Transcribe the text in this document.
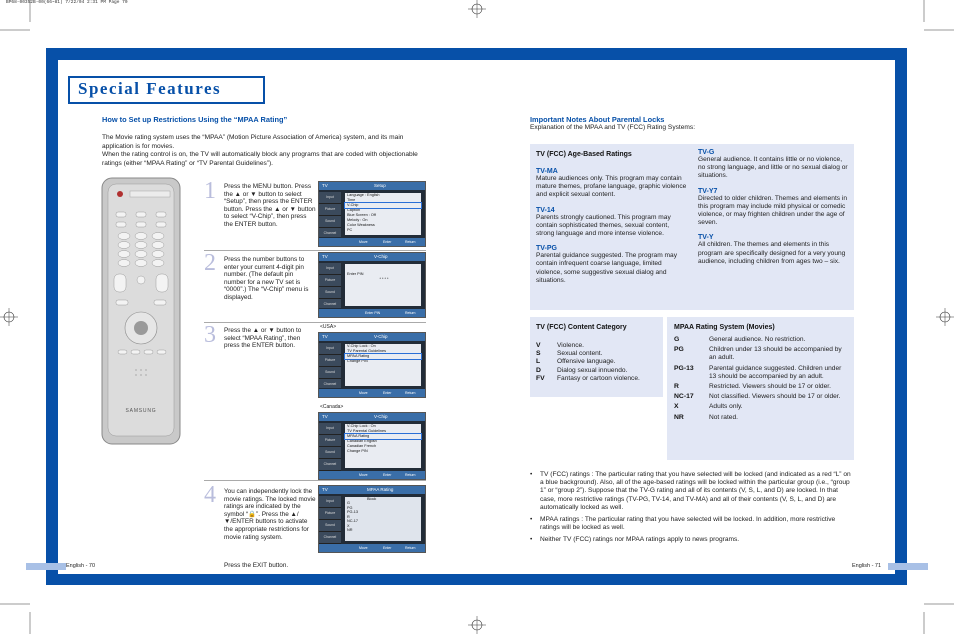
BP68-00352B-00(66~81) 7/22/04 2:31 PM Page 70
Special Features
How to Set up Restrictions Using the “MPAA Rating”
The Movie rating system uses the “MPAA” (Motion Picture Association of America) system, and its main application is for movies.
When the rating control is on, the TV will automatically block any programs that are coded with objectionable ratings (either “MPAA Rating” or “TV Parental Guidelines”).
SAMSUNG
1 Press the MENU button. Press the ▲ or ▼ button to select “Setup”, then press the ENTER button. Press the ▲ or ▼ button to select “V-Chip”, then press the ENTER button.
2 Press the number buttons to enter your current 4-digit pin number. (The default pin number for a new TV set is “0000”.) The “V-Chip” menu is displayed.
3 Press the ▲ or ▼ button to select “MPAA Rating”, then press the ENTER button.
4 You can independently lock the movie ratings. The locked movie ratings are indicated by the symbol “🔒”. Press the ▲/▼/ENTER buttons to activate the appropriate restrictions for movie rating system.
Press the EXIT button.
TV	Setup
Input
Picture
Sound
Channel
Language : English
Time
V-Chip
Caption
Blue Screen : Off
Melody : On
Color Weakness
PC
Move	Enter	Return
TV	V-Chip
Input
Picture
Sound
Channel
Enter PIN
* * * *
Enter PIN	Return
<USA>
TV	V-Chip
Input
Picture
Sound
Channel
V-Chip Lock : On
TV Parental Guidelines
MPAA Rating
Change PIN
Move	Enter	Return
<Canada>
TV	V-Chip
Input
Picture
Sound
Channel
V-Chip Lock : On
TV Parental Guidelines
MPAA Rating
Canadian English
Canadian French
Change PIN
Move	Enter	Return
TV	MPAA Rating
Input
Picture
Sound
Channel
Block
G
PG
PG-13
R
NC-17
X
NR
Move	Enter	Return
Important Notes About Parental Locks
Explanation of the MPAA and TV (FCC) Rating Systems:
TV (FCC) Age-Based Ratings
TV-MA
Mature audiences only. This program may contain mature themes, profane language, graphic violence and explicit sexual content.
TV-14
Parents strongly cautioned. This program may contain sophisticated themes, sexual content, strong language and more intense violence.
TV-PG
Parental guidance suggested. The program may contain infrequent coarse language, limited violence, some suggestive sexual dialog and situations.
TV-G
General audience. It contains little or no violence, no strong language, and little or no sexual dialog or situations.
TV-Y7
Directed to older children. Themes and elements in this program may include mild physical or comedic violence, or may frighten children under the age of seven.
TV-Y
All children. The themes and elements in this program are specifically designed for a very young audience, including children from ages two – six.
TV (FCC) Content Category
V Violence.
S Sexual content.
L	Offensive language.
D Dialog sexual innuendo.
FV Fantasy or cartoon violence.
MPAA Rating System (Movies)
G	General audience. No restriction.
PG	Children under 13 should be accompanied by an adult.
PG-13	Parental guidance suggested. Children under 13 should be accompanied by an adult.
R	Restricted. Viewers should be 17 or older.
NC-17	Not classified. Viewers should be 17 or older.
X	Adults only.
NR	Not rated.
•	TV (FCC) ratings : The particular rating that you have selected will be locked (and indicated as a red “L” on a blue background). Also, all of the age-based ratings will be locked within the particular group (i.e., “group 1” or “group 2”). Suppose that the TV-G rating and all of its contents (V, S, L, and D) are locked. In that case, more restrictive ratings (TV-PG, TV-14, and TV-MA) and all of their contents (V, S, L, and D) are automatically locked as well.
•	MPAA ratings : The particular rating that you have selected will be locked. In addition, more restrictive ratings will be locked as well.
•	Neither TV (FCC) ratings nor MPAA ratings apply to news programs.
English - 70	English - 71
